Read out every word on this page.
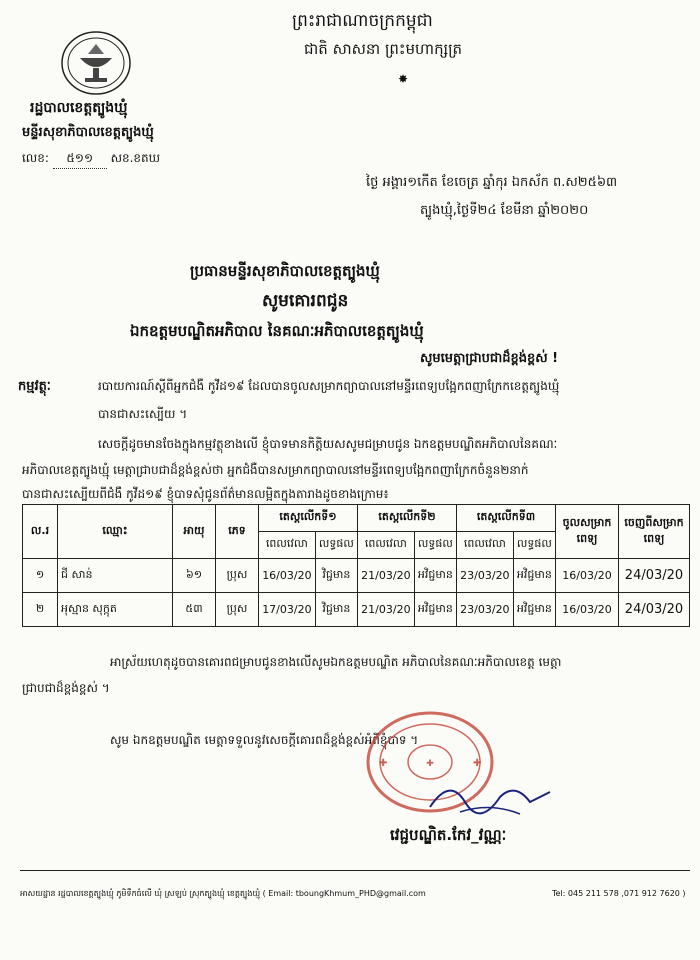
ព្រះរាជាណាចក្រកម្ពុជា
ជាតិ សាសនា ព្រះមហាក្សត្រ
✸
រដ្ឋបាលខេត្តត្បូងឃ្មុំ
មន្ទីរសុខាភិបាលខេត្តត្បូងឃ្មុំ
លេខ: ៥១១ សខ.ខតឃ
ថ្ងៃ អង្គារ១កើត ខែចេត្រ ឆ្នាំកុរ ឯកស័ក ព.ស២៥៦៣
ត្បូងឃ្មុំ,ថ្ងៃទី២៤ ខែមីនា ឆ្នាំ២០២០
ប្រធានមន្ទីរសុខាភិបាលខេត្តត្បូងឃ្មុំ
សូមគោរពជូន
ឯកឧត្តមបណ្ឌិតអភិបាល នៃគណៈអភិបាលខេត្តត្បូងឃ្មុំ
សូមមេត្តាជ្រាបជាដ៏ខ្ពង់ខ្ពស់ !
កម្មវត្ថុៈ	របាយការណ៍ស្តីពីអ្នកជំងឺ កូវីដ១៩ ដែលបានចូលសម្រាកព្យាបាលនៅមន្ទីរពេទ្យបង្អែកពញាក្រែកខេត្តត្បូងឃ្មុំ
បានជាសះស្បើយ ។
សេចក្តីដូចមានចែងក្នុងកម្មវត្ថុខាងលើ ខ្ញុំបាទមានកិត្តិយសសូមជម្រាបជូន ឯកឧត្តមបណ្ឌិតអភិបាលនៃគណៈ
អភិបាលខេត្តត្បូងឃ្មុំ មេត្តាជ្រាបជាដ៏ខ្ពង់ខ្ពស់ថា អ្នកជំងឺបានសម្រាកព្យាបាលនៅមន្ទីរពេទ្យបង្អែកពញាក្រែកចំនួន២នាក់
បានជាសះស្បើយពីជំងឺ កូវីដ១៩ ខ្ញុំបាទសុំជូនព័ត៌មានលម្អិតក្នុងតារាងដូចខាងក្រោម៖
ល.រ	ឈ្មោះ	អាយុ	ភេទ	តេស្តលើកទី១		តេស្តលើកទី២		តេស្តលើកទី៣		ចូលសម្រាកពេទ្យ	ចេញពីសម្រាកពេទ្យ
				ពេលវេលា	លទ្ធផល	ពេលវេលា	លទ្ធផល	ពេលវេលា	លទ្ធផល		
១	ជី សាន់	៦១	ប្រុស	16/03/20	វិជ្ជមាន	21/03/20	អវិជ្ជមាន	23/03/20	អវិជ្ជមាន	16/03/20	24/03/20
២	អុស្មាន សុក្កុត	៥៣	ប្រុស	17/03/20	វិជ្ជមាន	21/03/20	អវិជ្ជមាន	23/03/20	អវិជ្ជមាន	16/03/20	24/03/20
អាស្រ័យហេតុដូចបានគោរពជម្រាបជូនខាងលើសូមឯកឧត្តមបណ្ឌិត អភិបាលនៃគណៈអភិបាលខេត្ត មេត្តា
ជ្រាបជាដ៏ខ្ពង់ខ្ពស់ ។
សូម ឯកឧត្តមបណ្ឌិត មេត្តាទទួលនូវសេចក្តីគោរពដ៏ខ្ពង់ខ្ពស់អំពីខ្ញុំបាទ ។
✚
✚	✚
វេជ្ជបណ្ឌិត.កែវ_វណ្ណៈ
អាសយដ្ឋាន រដ្ឋបាលខេត្តត្បូងឃ្មុំ ភូមិទឹកធំលើ ឃុំ ស្រឡប់ ស្រុកត្បូងឃ្មុំ ខេត្តត្បូងឃ្មុំ ( Email: tboungKhmum_PHD@gmail.com	Tel: 045 211 578 ,071 912 7620 )
